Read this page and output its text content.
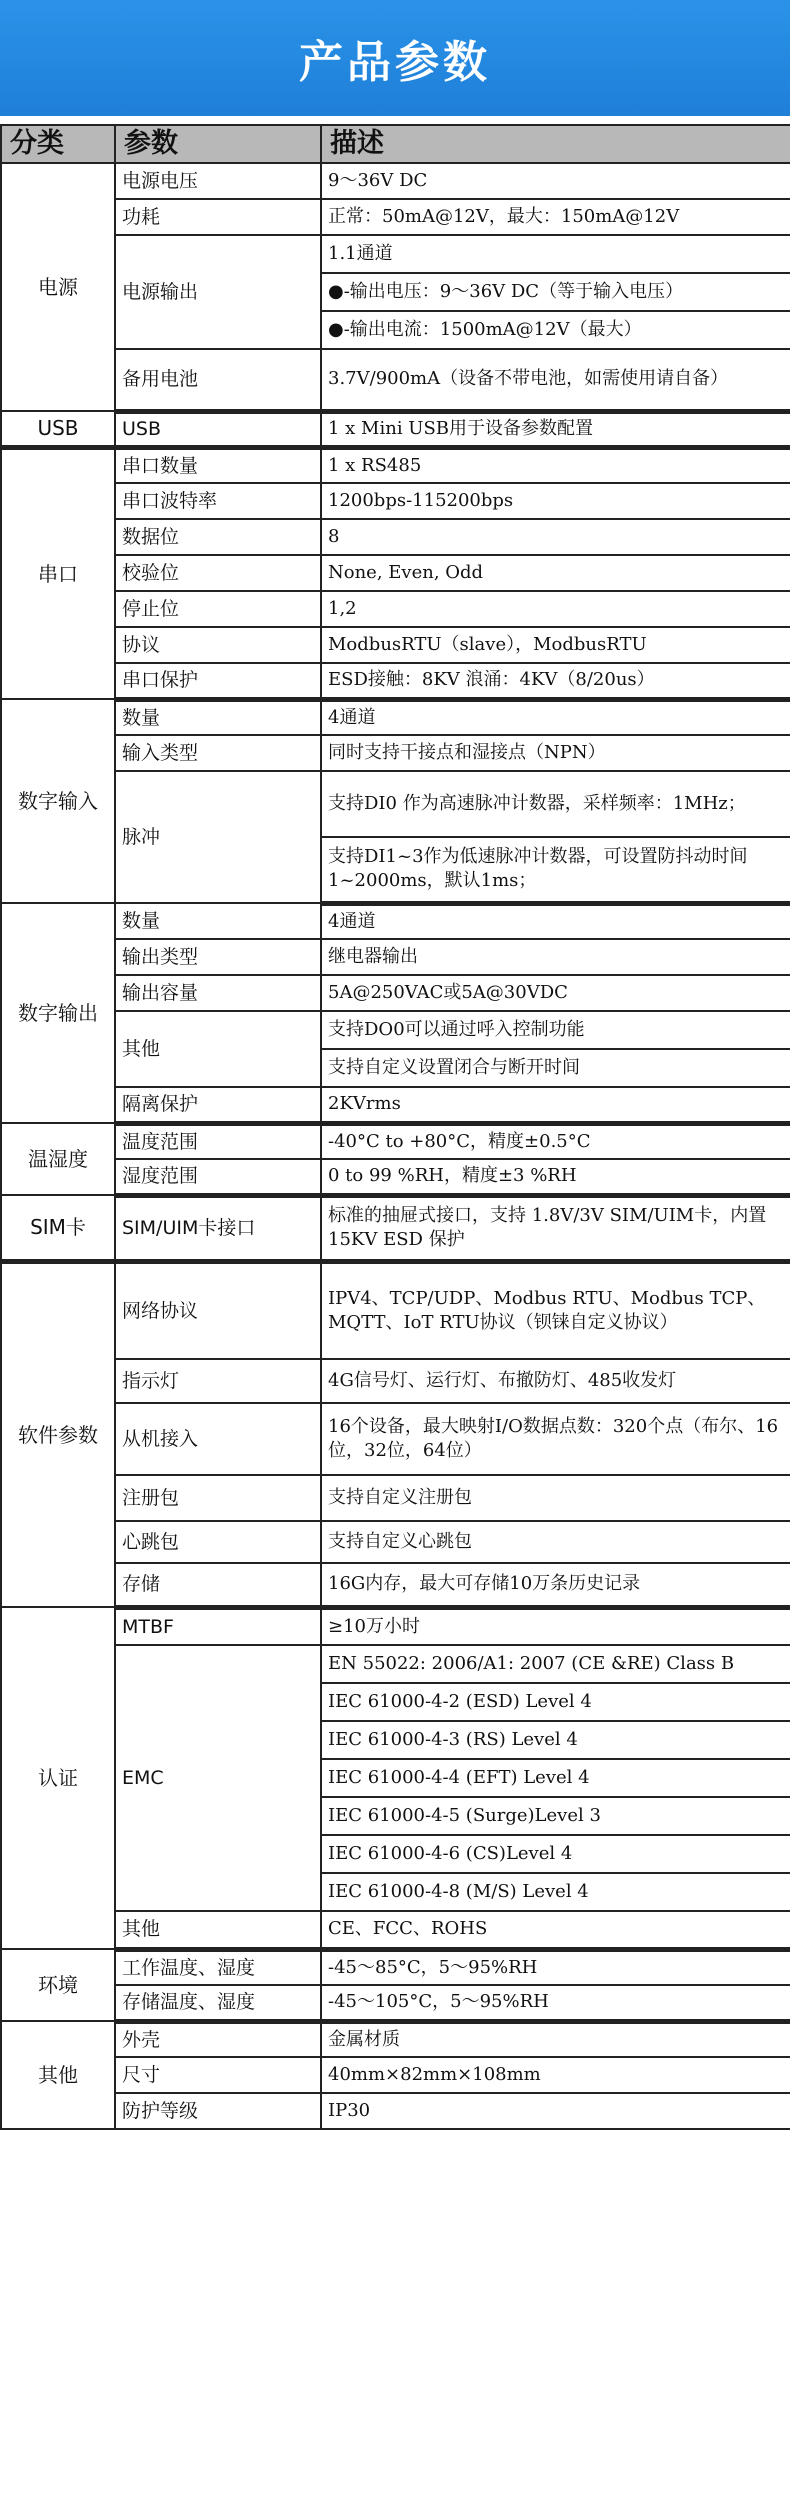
产品参数
分类	参数	描述
电源	电源电压	9～36V DC
	功耗	正常：50mA@12V，最大：150mA@12V
	电源输出	1.1通道
		●-输出电压：9～36V DC（等于输入电压）
		●-输出电流：1500mA@12V（最大）
	备用电池	3.7V/900mA（设备不带电池，如需使用请自备）
USB	USB	1 x Mini USB用于设备参数配置
串口	串口数量	1 x RS485
	串口波特率	1200bps-115200bps
	数据位	8
	校验位	None, Even, Odd
	停止位	1,2
	协议	ModbusRTU（slave），ModbusRTU
	串口保护	ESD接触：8KV 浪涌：4KV（8/20us）
数字输入	数量	4通道
	输入类型	同时支持干接点和湿接点（NPN）
	脉冲	支持DI0 作为高速脉冲计数器，采样频率：1MHz；
		支持DI1~3作为低速脉冲计数器，可设置防抖动时间1~2000ms，默认1ms；
数字输出	数量	4通道
	输出类型	继电器输出
	输出容量	5A@250VAC或5A@30VDC
	其他	支持DO0可以通过呼入控制功能
		支持自定义设置闭合与断开时间
	隔离保护	2KVrms
温湿度	温度范围	-40°C to +80°C，精度±0.5°C
	湿度范围	0 to 99 %RH，精度±3 %RH
SIM卡	SIM/UIM卡接口	标准的抽屉式接口，支持 1.8V/3V SIM/UIM卡，内置 15KV ESD 保护
软件参数	网络协议	IPV4、TCP/UDP、Modbus RTU、Modbus TCP、MQTT、IoT RTU协议（钡铼自定义协议）
	指示灯	4G信号灯、运行灯、布撤防灯、485收发灯
	从机接入	16个设备，最大映射I/O数据点数：320个点（布尔、16位，32位，64位）
	注册包	支持自定义注册包
	心跳包	支持自定义心跳包
	存储	16G内存，最大可存储10万条历史记录
认证	MTBF	≥10万小时
	EMC	EN 55022: 2006/A1: 2007 (CE &RE) Class B
		IEC 61000-4-2 (ESD) Level 4
		IEC 61000-4-3 (RS) Level 4
		IEC 61000-4-4 (EFT) Level 4
		IEC 61000-4-5 (Surge)Level 3
		IEC 61000-4-6 (CS)Level 4
		IEC 61000-4-8 (M/S) Level 4
	其他	CE、FCC、ROHS
环境	工作温度、湿度	-45～85°C，5～95%RH
	存储温度、湿度	-45～105°C，5～95%RH
其他	外壳	金属材质
	尺寸	40mm×82mm×108mm
	防护等级	IP30
